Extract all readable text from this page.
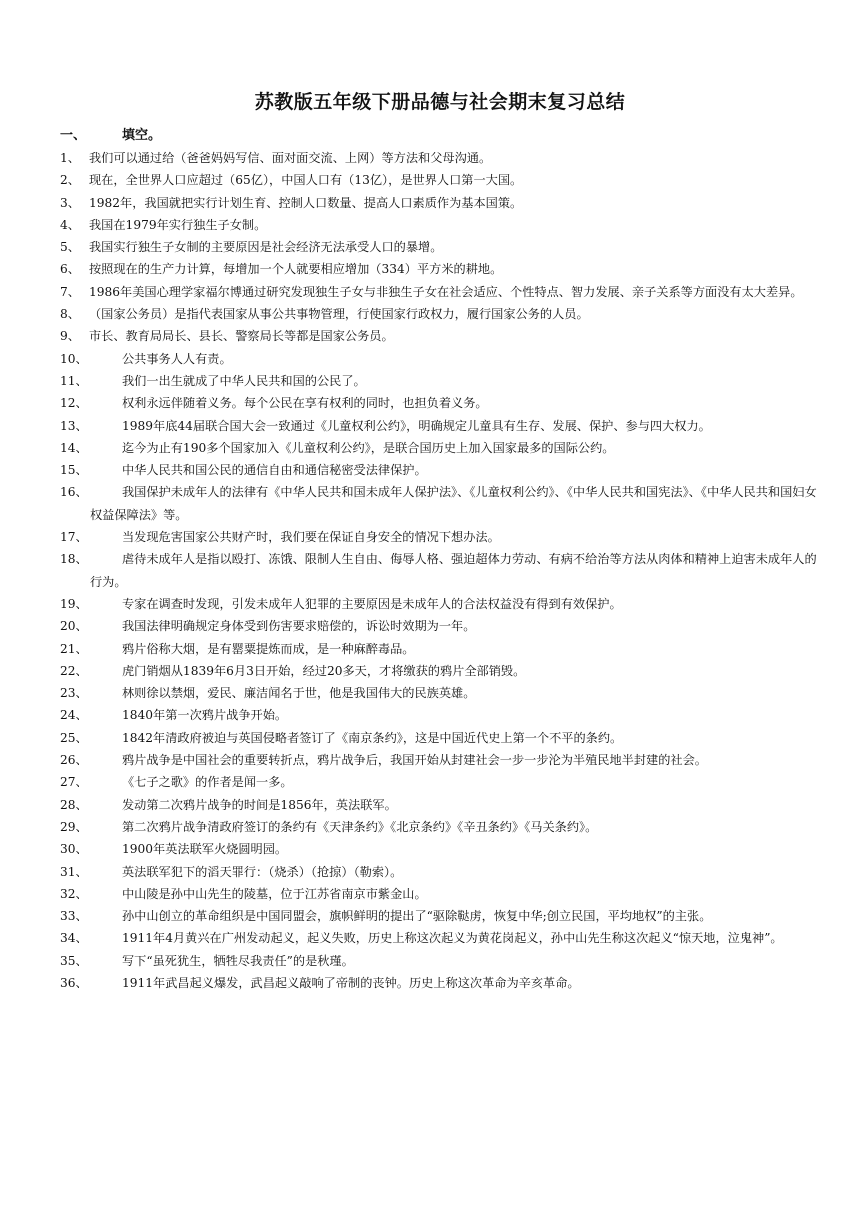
苏教版五年级下册品德与社会期末复习总结
一、	填空。
1、 我们可以通过给（爸爸妈妈写信、面对面交流、上网）等方法和父母沟通。
2、 现在，全世界人口应超过（65亿），中国人口有（13亿），是世界人口第一大国。
3、 1982年，我国就把实行计划生育、控制人口数量、提高人口素质作为基本国策。
4、 我国在1979年实行独生子女制。
5、 我国实行独生子女制的主要原因是社会经济无法承受人口的暴增。
6、 按照现在的生产力计算，每增加一个人就要相应增加（334）平方米的耕地。
7、 1986年美国心理学家福尔博通过研究发现独生子女与非独生子女在社会适应、个性特点、智力发展、亲子关系等方面没有太大差异。
8、 （国家公务员）是指代表国家从事公共事物管理，行使国家行政权力，履行国家公务的人员。
9、 市长、教育局局长、县长、警察局长等都是国家公务员。
10、	公共事务人人有责。
11、	我们一出生就成了中华人民共和国的公民了。
12、	权利永远伴随着义务。每个公民在享有权利的同时，也担负着义务。
13、	1989年底44届联合国大会一致通过《儿童权利公约》，明确规定儿童具有生存、发展、保护、参与四大权力。
14、	迄今为止有190多个国家加入《儿童权利公约》，是联合国历史上加入国家最多的国际公约。
15、	中华人民共和国公民的通信自由和通信秘密受法律保护。
16、	我国保护未成年人的法律有《中华人民共和国未成年人保护法》、《儿童权利公约》、《中华人民共和国宪法》、《中华人民共和国妇女权益保障法》等。
17、	当发现危害国家公共财产时，我们要在保证自身安全的情况下想办法。
18、	虐待未成年人是指以殴打、冻饿、限制人生自由、侮辱人格、强迫超体力劳动、有病不给治等方法从肉体和精神上迫害未成年人的行为。
19、	专家在调查时发现，引发未成年人犯罪的主要原因是未成年人的合法权益没有得到有效保护。
20、	我国法律明确规定身体受到伤害要求赔偿的，诉讼时效期为一年。
21、	鸦片俗称大烟，是有罂粟提炼而成，是一种麻醉毒品。
22、	虎门销烟从1839年6月3日开始，经过20多天，才将缴获的鸦片全部销毁。
23、	林则徐以禁烟，爱民、廉洁闻名于世，他是我国伟大的民族英雄。
24、	1840年第一次鸦片战争开始。
25、	1842年清政府被迫与英国侵略者签订了《南京条约》，这是中国近代史上第一个不平的条约。
26、	鸦片战争是中国社会的重要转折点，鸦片战争后，我国开始从封建社会一步一步沦为半殖民地半封建的社会。
27、	《七子之歌》的作者是闻一多。
28、	发动第二次鸦片战争的时间是1856年，英法联军。
29、	第二次鸦片战争清政府签订的条约有《天津条约》《北京条约》《辛丑条约》《马关条约》。
30、	1900年英法联军火烧圆明园。
31、	英法联军犯下的滔天罪行：（烧杀）（抢掠）（勒索）。
32、	中山陵是孙中山先生的陵墓，位于江苏省南京市紫金山。
33、	孙中山创立的革命组织是中国同盟会，旗帜鲜明的提出了“驱除鞑虏，恢复中华;创立民国，平均地权”的主张。
34、	1911年4月黄兴在广州发动起义，起义失败，历史上称这次起义为黄花岗起义，孙中山先生称这次起义“惊天地，泣鬼神”。
35、	写下“虽死犹生，牺牲尽我责任”的是秋瑾。
36、	1911年武昌起义爆发，武昌起义敲响了帝制的丧钟。历史上称这次革命为辛亥革命。
